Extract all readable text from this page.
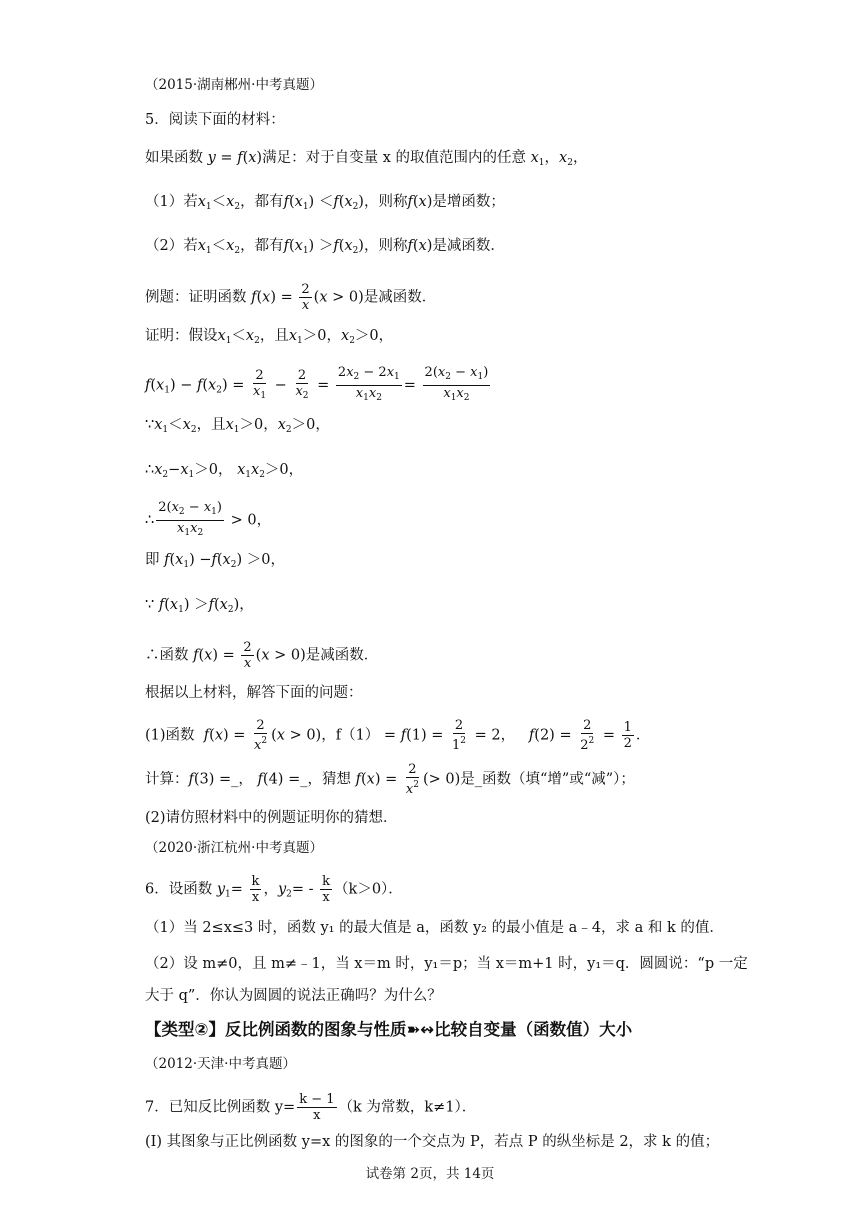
（2015·湖南郴州·中考真题）
5．阅读下面的材料：
如果函数 y = f(x)满足：对于自变量 x 的取值范围内的任意 $x_1$，$x_2$，
（1）若$x_1<x_2$，都有$f(x_1) <f(x_2)$，则称f(x)是增函数；
（2）若$x_1<x_2$，都有$f(x_1) >f(x_2)$，则称f(x)是减函数．
例题：证明函数 $f(x) = \frac{2}{x} (x > 0)$是减函数．
证明：假设$x_1<x_2$，且$x_1>0$，$x_2>0$，
$f(x_1) - f(x_2) = \frac{2}{x_1} - \frac{2}{x_2} = \frac{2x_2 - 2x_1}{x_1x_2} = \frac{2(x_2 - x_1)}{x_1x_2}$
$\because x_1<x_2$，且$x_1>0$，$x_2>0$，
$\therefore x_2-x_1>0$， $x_1x_2>0$，
∴ $\frac{2(x_2 - x_1)}{x_1x_2} > 0$，
即 $f(x_1) -f(x_2) >0$，
∵ $f(x_1) >f(x_2)$，
∴函数 $f(x) = \frac{2}{x} (x > 0)$是减函数．
根据以上材料，解答下面的问题：
(1)函数 $f(x) = \frac{2}{x^2} (x > 0)$，$f(1) = f(1) = \frac{2}{1^2} = 2$，   $f(2) = \frac{2}{2^2} = \frac{1}{2}$ ．
计算：f(3) =_， f(4) =_，猜想 $f(x) = \frac{2}{x^2}$ (> 0)是_函数（填“增”或“减”）；
(2)请仿照材料中的例题证明你的猜想．
（2020·浙江杭州·中考真题）
6．设函数 $y_1= \frac{k}{x}$ ，$y_2= - \frac{k}{x} (k>0)$．
（1）当 2≤x≤3 时，函数 y₁ 的最大值是 a，函数 y₂ 的最小值是 a﹣4，求 a 和 k 的值．
（2）设 m≠0，且 m≠﹣1，当 x＝m 时，y₁＝p；当 x＝m+1 时，y₁＝q．圆圆说：“p 一定
大于 q”．你认为圆圆的说法正确吗？为什么？
【类型②】反比例函数的图象与性质➽↭比较自变量（函数值）大小
（2012·天津·中考真题）
7．已知反比例函数 $y= \frac{k - 1}{x} (k$ 为常数，k≠1）．
(Ⅰ) 其图象与正比例函数 y=x 的图象的一个交点为 P，若点 P 的纵坐标是 2，求 k 的值；
试卷第 2页，共 14页
